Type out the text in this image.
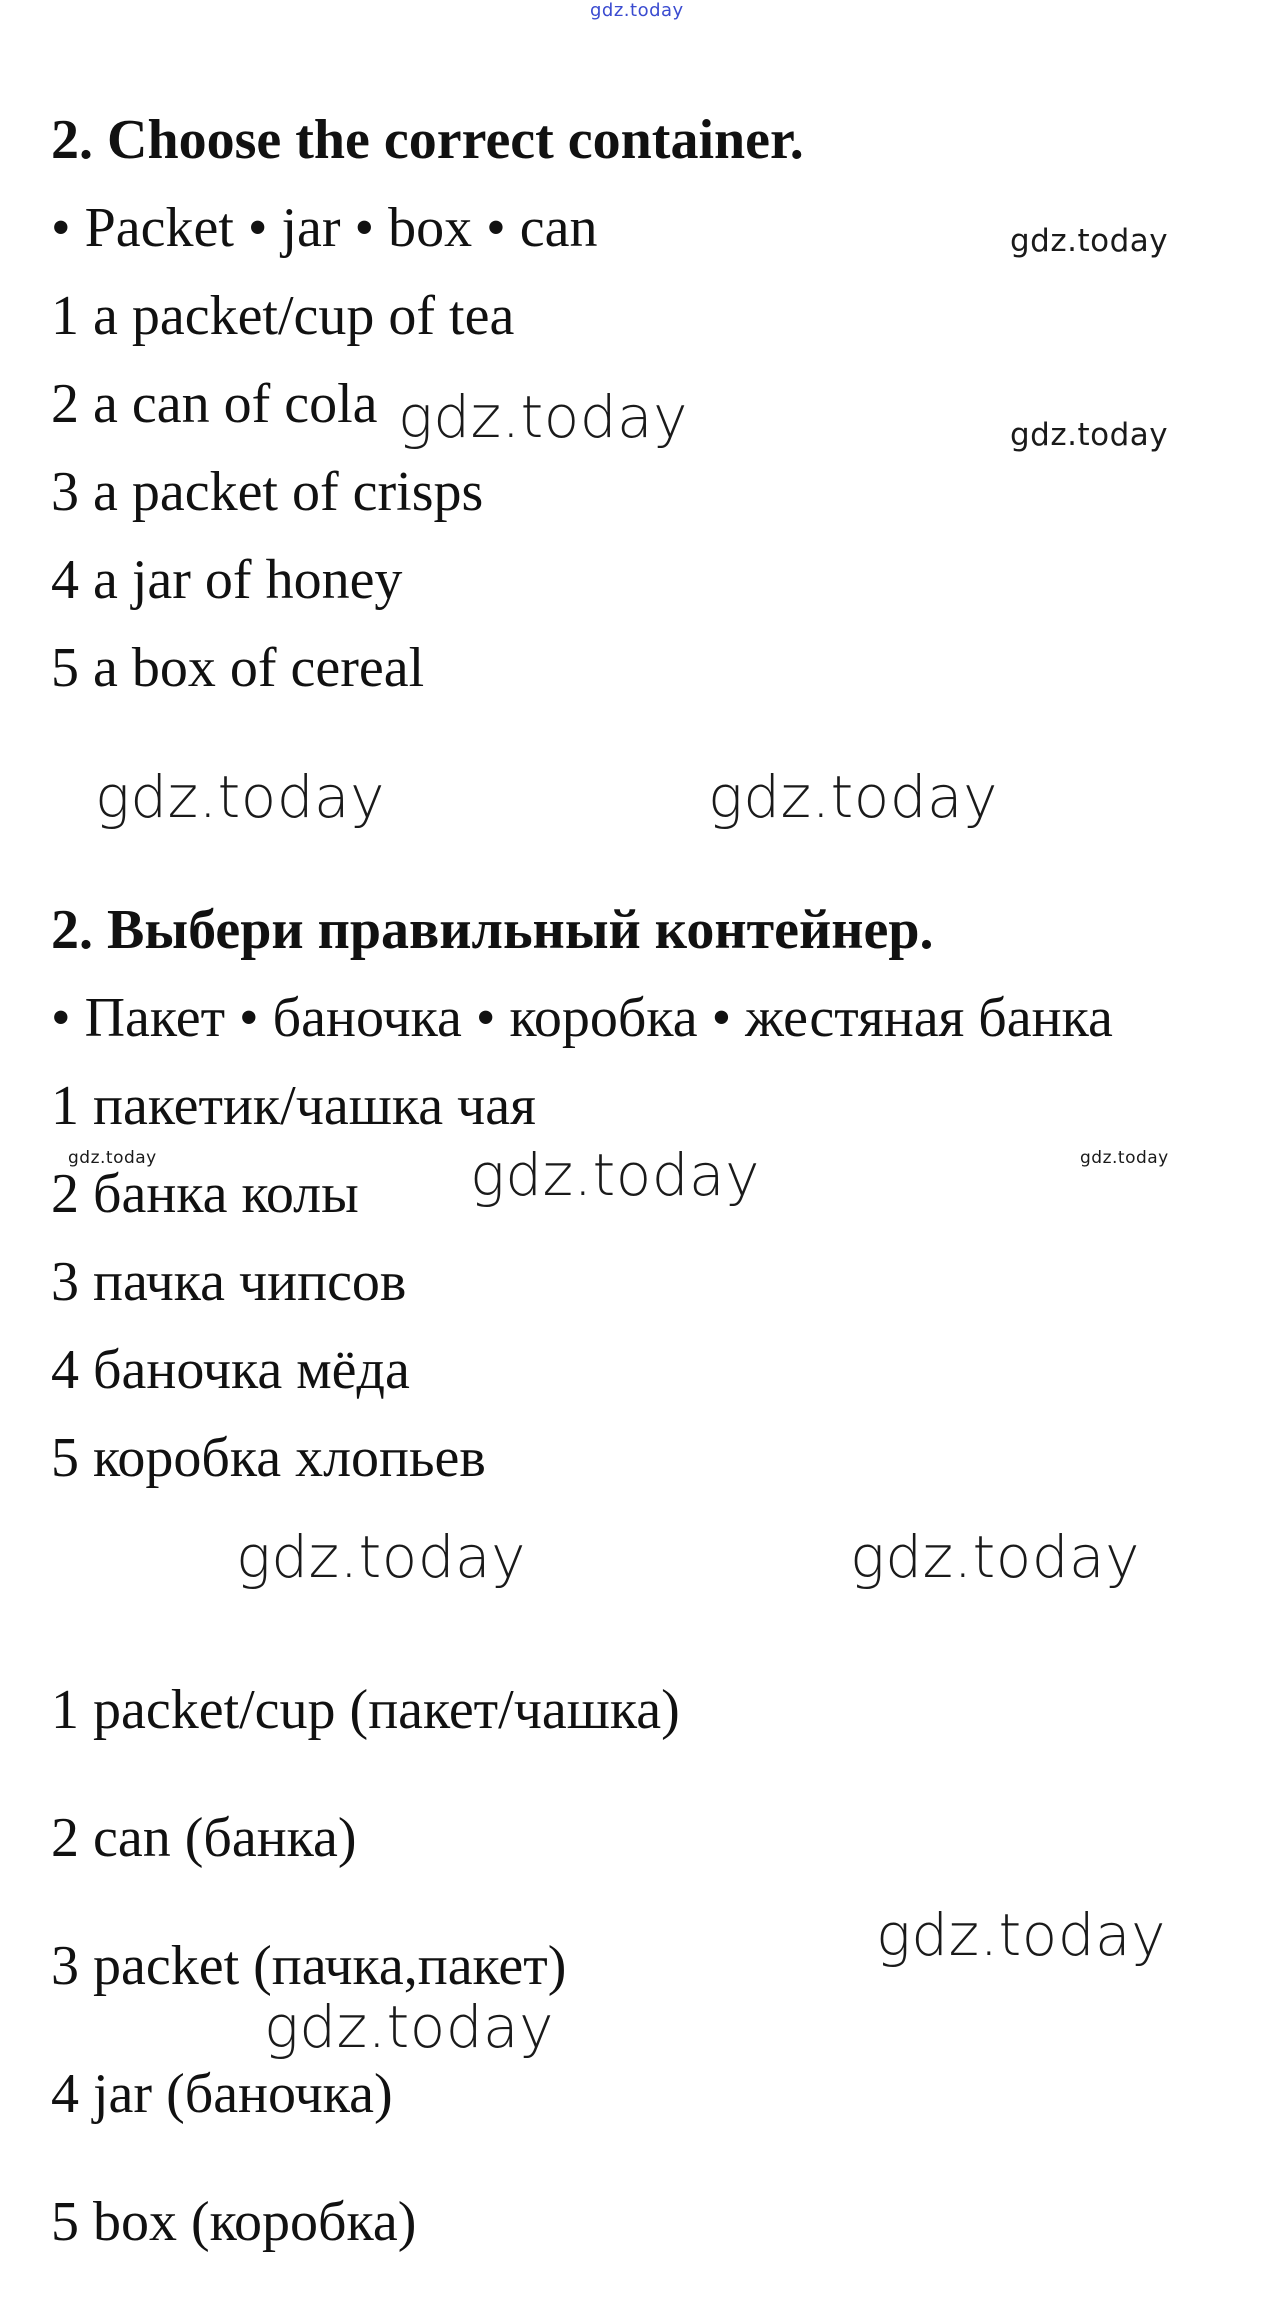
gdz.today
2. Choose the correct container.
• Packet • jar • box • can
1 a packet/cup of tea
2 a can of cola
3 a packet of crisps
4 a jar of honey
5 a box of cereal
2. Выбери правильный контейнер.
• Пакет • баночка • коробка • жестяная банка
1 пакетик/чашка чая
2 банка колы
3 пачка чипсов
4 баночка мёда
5 коробка хлопьев
1 packet/cup (пакет/чашка)
2 can (банка)
3 packet (пачка,пакет)
4 jar (баночка)
5 box (коробка)
gdz.today
gdz.today	gdz.today
gdz.today	gdz.today
gdz.today	gdz.today
gdz.today
gdz.today	gdz.today
gdz.today
gdz.today
